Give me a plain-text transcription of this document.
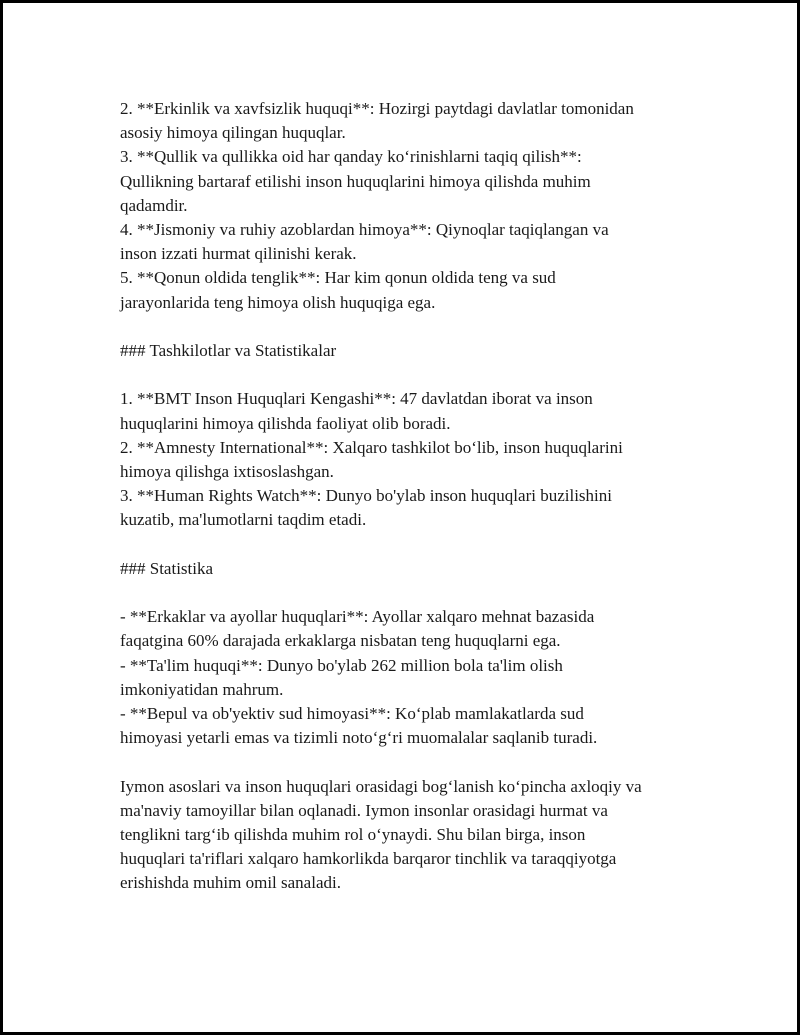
2. **Erkinlik va xavfsizlik huquqi**: Hozirgi paytdagi davlatlar tomonidan
asosiy himoya qilingan huquqlar.
3. **Qullik va qullikka oid har qanday koʻrinishlarni taqiq qilish**:
Qullikning bartaraf etilishi inson huquqlarini himoya qilishda muhim
qadamdir.
4. **Jismoniy va ruhiy azoblardan himoya**: Qiynoqlar taqiqlangan va
inson izzati hurmat qilinishi kerak.
5. **Qonun oldida tenglik**: Har kim qonun oldida teng va sud
jarayonlarida teng himoya olish huquqiga ega.
### Tashkilotlar va Statistikalar
1. **BMT Inson Huquqlari Kengashi**: 47 davlatdan iborat va inson
huquqlarini himoya qilishda faoliyat olib boradi.
2. **Amnesty International**: Xalqaro tashkilot boʻlib, inson huquqlarini
himoya qilishga ixtisoslashgan.
3. **Human Rights Watch**: Dunyo bo'ylab inson huquqlari buzilishini
kuzatib, ma'lumotlarni taqdim etadi.
### Statistika
- **Erkaklar va ayollar huquqlari**: Ayollar xalqaro mehnat bazasida
faqatgina 60% darajada erkaklarga nisbatan teng huquqlarni ega.
- **Ta'lim huquqi**: Dunyo bo'ylab 262 million bola ta'lim olish
imkoniyatidan mahrum.
- **Bepul va ob'yektiv sud himoyasi**: Koʻplab mamlakatlarda sud
himoyasi yetarli emas va tizimli notoʻgʻri muomalalar saqlanib turadi.
Iymon asoslari va inson huquqlari orasidagi bogʻlanish koʻpincha axloqiy va
ma'naviy tamoyillar bilan oqlanadi. Iymon insonlar orasidagi hurmat va
tenglikni targʻib qilishda muhim rol oʻynaydi. Shu bilan birga, inson
huquqlari ta'riflari xalqaro hamkorlikda barqaror tinchlik va taraqqiyotga
erishishda muhim omil sanaladi.
